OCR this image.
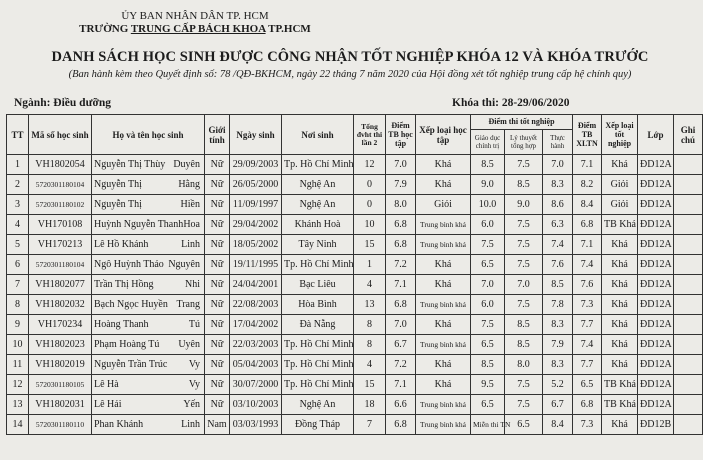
ỦY BAN NHÂN DÂN TP. HCM
TRƯỜNG TRUNG CẤP BÁCH KHOA TP.HCM
DANH SÁCH HỌC SINH ĐƯỢC CÔNG NHẬN TỐT NGHIỆP KHÓA 12 VÀ KHÓA TRƯỚC
(Ban hành kèm theo Quyết định số: 78 /QĐ-BKHCM, ngày 22 tháng 7 năm 2020 của Hội đồng xét tốt nghiệp trung cấp hệ chính quy)
Ngành: Điều dưỡng	Khóa thi: 28-29/06/2020
TT	Mã số học sinh	Họ và tên học sinh	Giới tính	Ngày sinh	Nơi sinh	Tổng đvht thi lần 2	Điểm TB học tập	Xếp loại học tập	Điểm thi tốt nghiệp			Điểm TB XLTN	Xếp loại tốt nghiệp	Lớp	Ghi chú
									Giáo dục chính trị	Lý thuyết tổng hợp	Thực hành				
1	VH1802054	Nguyễn Thị Thùy Duyên	Nữ	29/09/2003	Tp. Hồ Chí Minh	12	7.0	Khá	8.5	7.5	7.0	7.1	Khá	ĐD12A	
2	5720301180104	Nguyễn Thị Hằng	Nữ	26/05/2000	Nghệ An	0	7.9	Khá	9.0	8.5	8.3	8.2	Giỏi	ĐD12A	
3	5720301180102	Nguyễn Thị Hiền	Nữ	11/09/1997	Nghệ An	0	8.0	Giỏi	10.0	9.0	8.6	8.4	Giỏi	ĐD12A	
4	VH170108	Huỳnh Nguyễn Thanh Hoa	Nữ	29/04/2002	Khánh Hoà	10	6.8	Trung bình khá	6.0	7.5	6.3	6.8	TB Khá	ĐD12A	
5	VH170213	Lê Hồ Khánh Linh	Nữ	18/05/2002	Tây Ninh	15	6.8	Trung bình khá	7.5	7.5	7.4	7.1	Khá	ĐD12A	
6	5720301180104	Ngô Huỳnh Thảo Nguyên	Nữ	19/11/1995	Tp. Hồ Chí Minh	1	7.2	Khá	6.5	7.5	7.6	7.4	Khá	ĐD12A	
7	VH1802077	Trần Thị Hồng Nhi	Nữ	24/04/2001	Bạc Liêu	4	7.1	Khá	7.0	7.0	8.5	7.6	Khá	ĐD12A	
8	VH1802032	Bạch Ngọc Huyền Trang	Nữ	22/08/2003	Hòa Bình	13	6.8	Trung bình khá	6.0	7.5	7.8	7.3	Khá	ĐD12A	
9	VH170234	Hoàng Thanh Tú	Nữ	17/04/2002	Đà Nẵng	8	7.0	Khá	7.5	8.5	8.3	7.7	Khá	ĐD12A	
10	VH1802023	Phạm Hoàng Tú Uyên	Nữ	22/03/2003	Tp. Hồ Chí Minh	8	6.7	Trung bình khá	6.5	8.5	7.9	7.4	Khá	ĐD12A	
11	VH1802019	Nguyễn Trần Trúc Vy	Nữ	05/04/2003	Tp. Hồ Chí Minh	4	7.2	Khá	8.5	8.0	8.3	7.7	Khá	ĐD12A	
12	5720301180105	Lê Hà Vy	Nữ	30/07/2000	Tp. Hồ Chí Minh	15	7.1	Khá	9.5	7.5	5.2	6.5	TB Khá	ĐD12A	
13	VH1802031	Lê Hải Yến	Nữ	03/10/2003	Nghệ An	18	6.6	Trung bình khá	6.5	7.5	6.7	6.8	TB Khá	ĐD12A	
14	5720301180110	Phan Khánh Linh	Nam	03/03/1993	Đồng Tháp	7	6.8	Trung bình khá	Miễn thi TN	6.5	8.4	7.3	Khá	ĐD12B	
